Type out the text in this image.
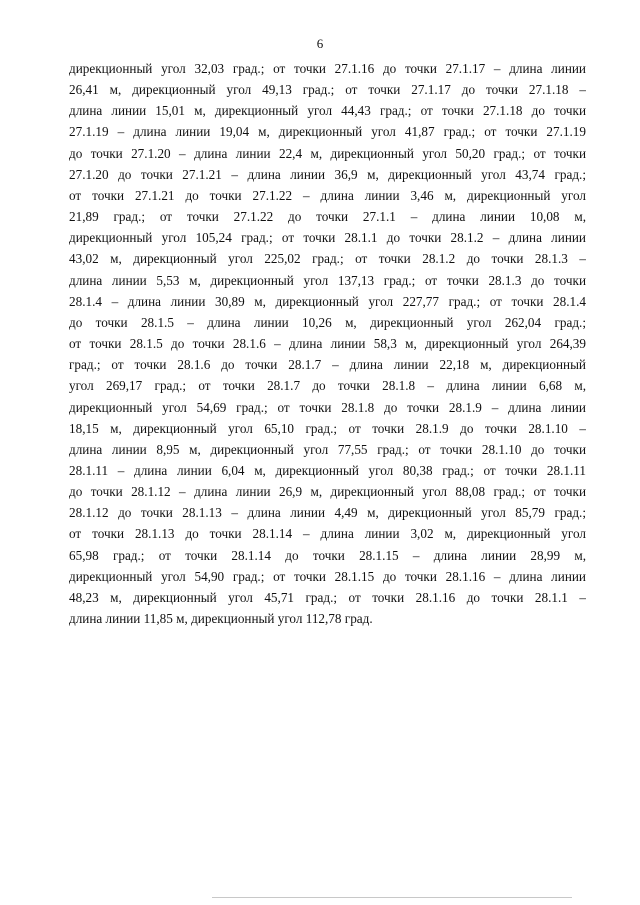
6
дирекционный угол 32,03 град.; от точки 27.1.16 до точки 27.1.17 – длина линии
26,41 м, дирекционный угол 49,13 град.; от точки 27.1.17 до точки 27.1.18 –
длина линии 15,01 м, дирекционный угол 44,43 град.; от точки 27.1.18 до точки
27.1.19 – длина линии 19,04 м, дирекционный угол 41,87 град.; от точки 27.1.19
до точки 27.1.20 – длина линии 22,4 м, дирекционный угол 50,20 град.; от точки
27.1.20 до точки 27.1.21 – длина линии 36,9 м, дирекционный угол 43,74 град.;
от точки 27.1.21 до точки 27.1.22 – длина линии 3,46 м, дирекционный угол
21,89 град.; от точки 27.1.22 до точки 27.1.1 – длина линии 10,08 м,
дирекционный угол 105,24 град.; от точки 28.1.1 до точки 28.1.2 – длина линии
43,02 м, дирекционный угол 225,02 град.; от точки 28.1.2 до точки 28.1.3 –
длина линии 5,53 м, дирекционный угол 137,13 град.; от точки 28.1.3 до точки
28.1.4 – длина линии 30,89 м, дирекционный угол 227,77 град.; от точки 28.1.4
до точки 28.1.5 – длина линии 10,26 м, дирекционный угол 262,04 град.;
от точки 28.1.5 до точки 28.1.6 – длина линии 58,3 м, дирекционный угол 264,39
град.; от точки 28.1.6 до точки 28.1.7 – длина линии 22,18 м, дирекционный
угол 269,17 град.; от точки 28.1.7 до точки 28.1.8 – длина линии 6,68 м,
дирекционный угол 54,69 град.; от точки 28.1.8 до точки 28.1.9 – длина линии
18,15 м, дирекционный угол 65,10 град.; от точки 28.1.9 до точки 28.1.10 –
длина линии 8,95 м, дирекционный угол 77,55 град.; от точки 28.1.10 до точки
28.1.11 – длина линии 6,04 м, дирекционный угол 80,38 град.; от точки 28.1.11
до точки 28.1.12 – длина линии 26,9 м, дирекционный угол 88,08 град.; от точки
28.1.12 до точки 28.1.13 – длина линии 4,49 м, дирекционный угол 85,79 град.;
от точки 28.1.13 до точки 28.1.14 – длина линии 3,02 м, дирекционный угол
65,98 град.; от точки 28.1.14 до точки 28.1.15 – длина линии 28,99 м,
дирекционный угол 54,90 град.; от точки 28.1.15 до точки 28.1.16 – длина линии
48,23 м, дирекционный угол 45,71 град.; от точки 28.1.16 до точки 28.1.1 –
длина линии 11,85 м, дирекционный угол 112,78 град.
